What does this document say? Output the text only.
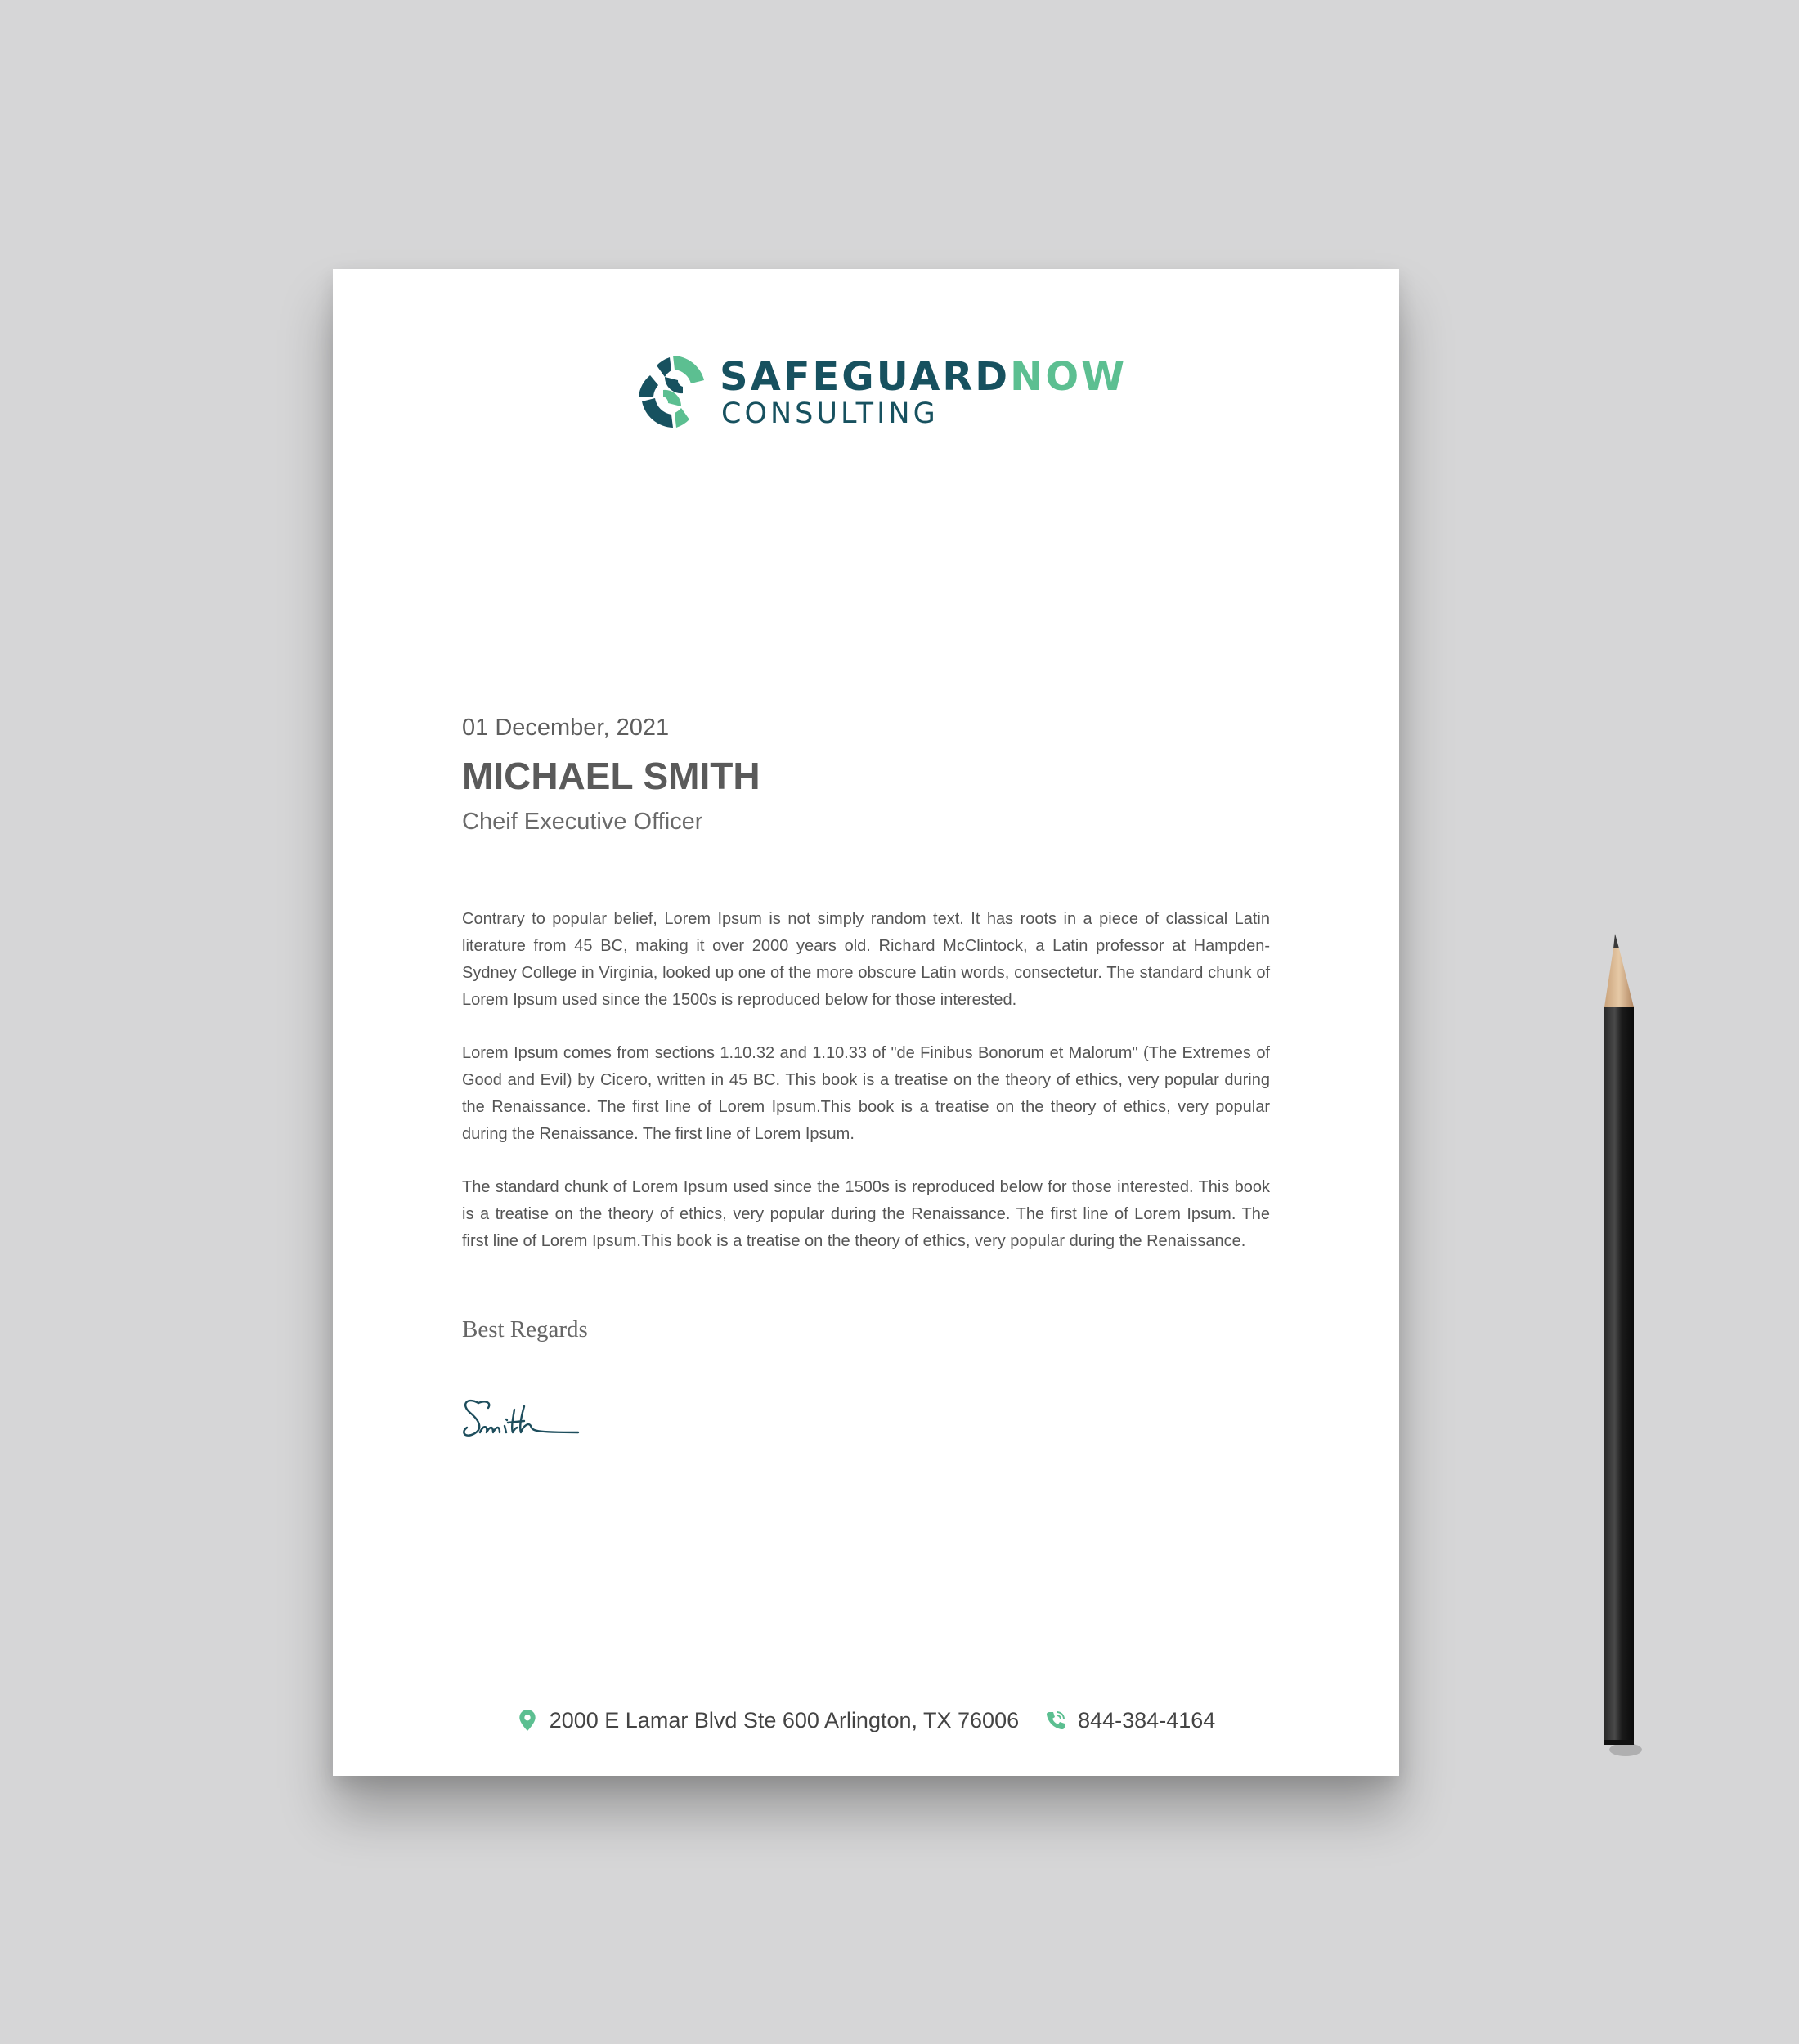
SAFEGUARDNOW
CONSULTING
01 December, 2021
MICHAEL SMITH
Cheif Executive Officer

Contrary to popular belief, Lorem Ipsum is not simply random text. It has roots in a piece of classical Latin literature from 45 BC, making it over 2000 years old. Richard McClintock, a Latin professor at Hampden-Sydney College in Virginia, looked up one of the more obscure Latin words, consectetur. The standard chunk of Lorem Ipsum used since the 1500s is reproduced below for those interested.

Lorem Ipsum comes from sections 1.10.32 and 1.10.33 of "de Finibus Bonorum et Malorum" (The Extremes of Good and Evil) by Cicero, written in 45 BC. This book is a treatise on the theory of ethics, very popular during the Renaissance. The first line of Lorem Ipsum.This book is a treatise on the theory of ethics, very popular during the Renaissance. The first line of Lorem Ipsum.

The standard chunk of Lorem Ipsum used since the 1500s is reproduced below for those interested. This book is a treatise on the theory of ethics, very popular during the Renaissance. The first line of Lorem Ipsum. The first line of Lorem Ipsum.This book is a treatise on the theory of ethics, very popular during the Renaissance.

Best Regards
2000 E Lamar Blvd Ste 600 Arlington, TX 76006	844-384-4164
